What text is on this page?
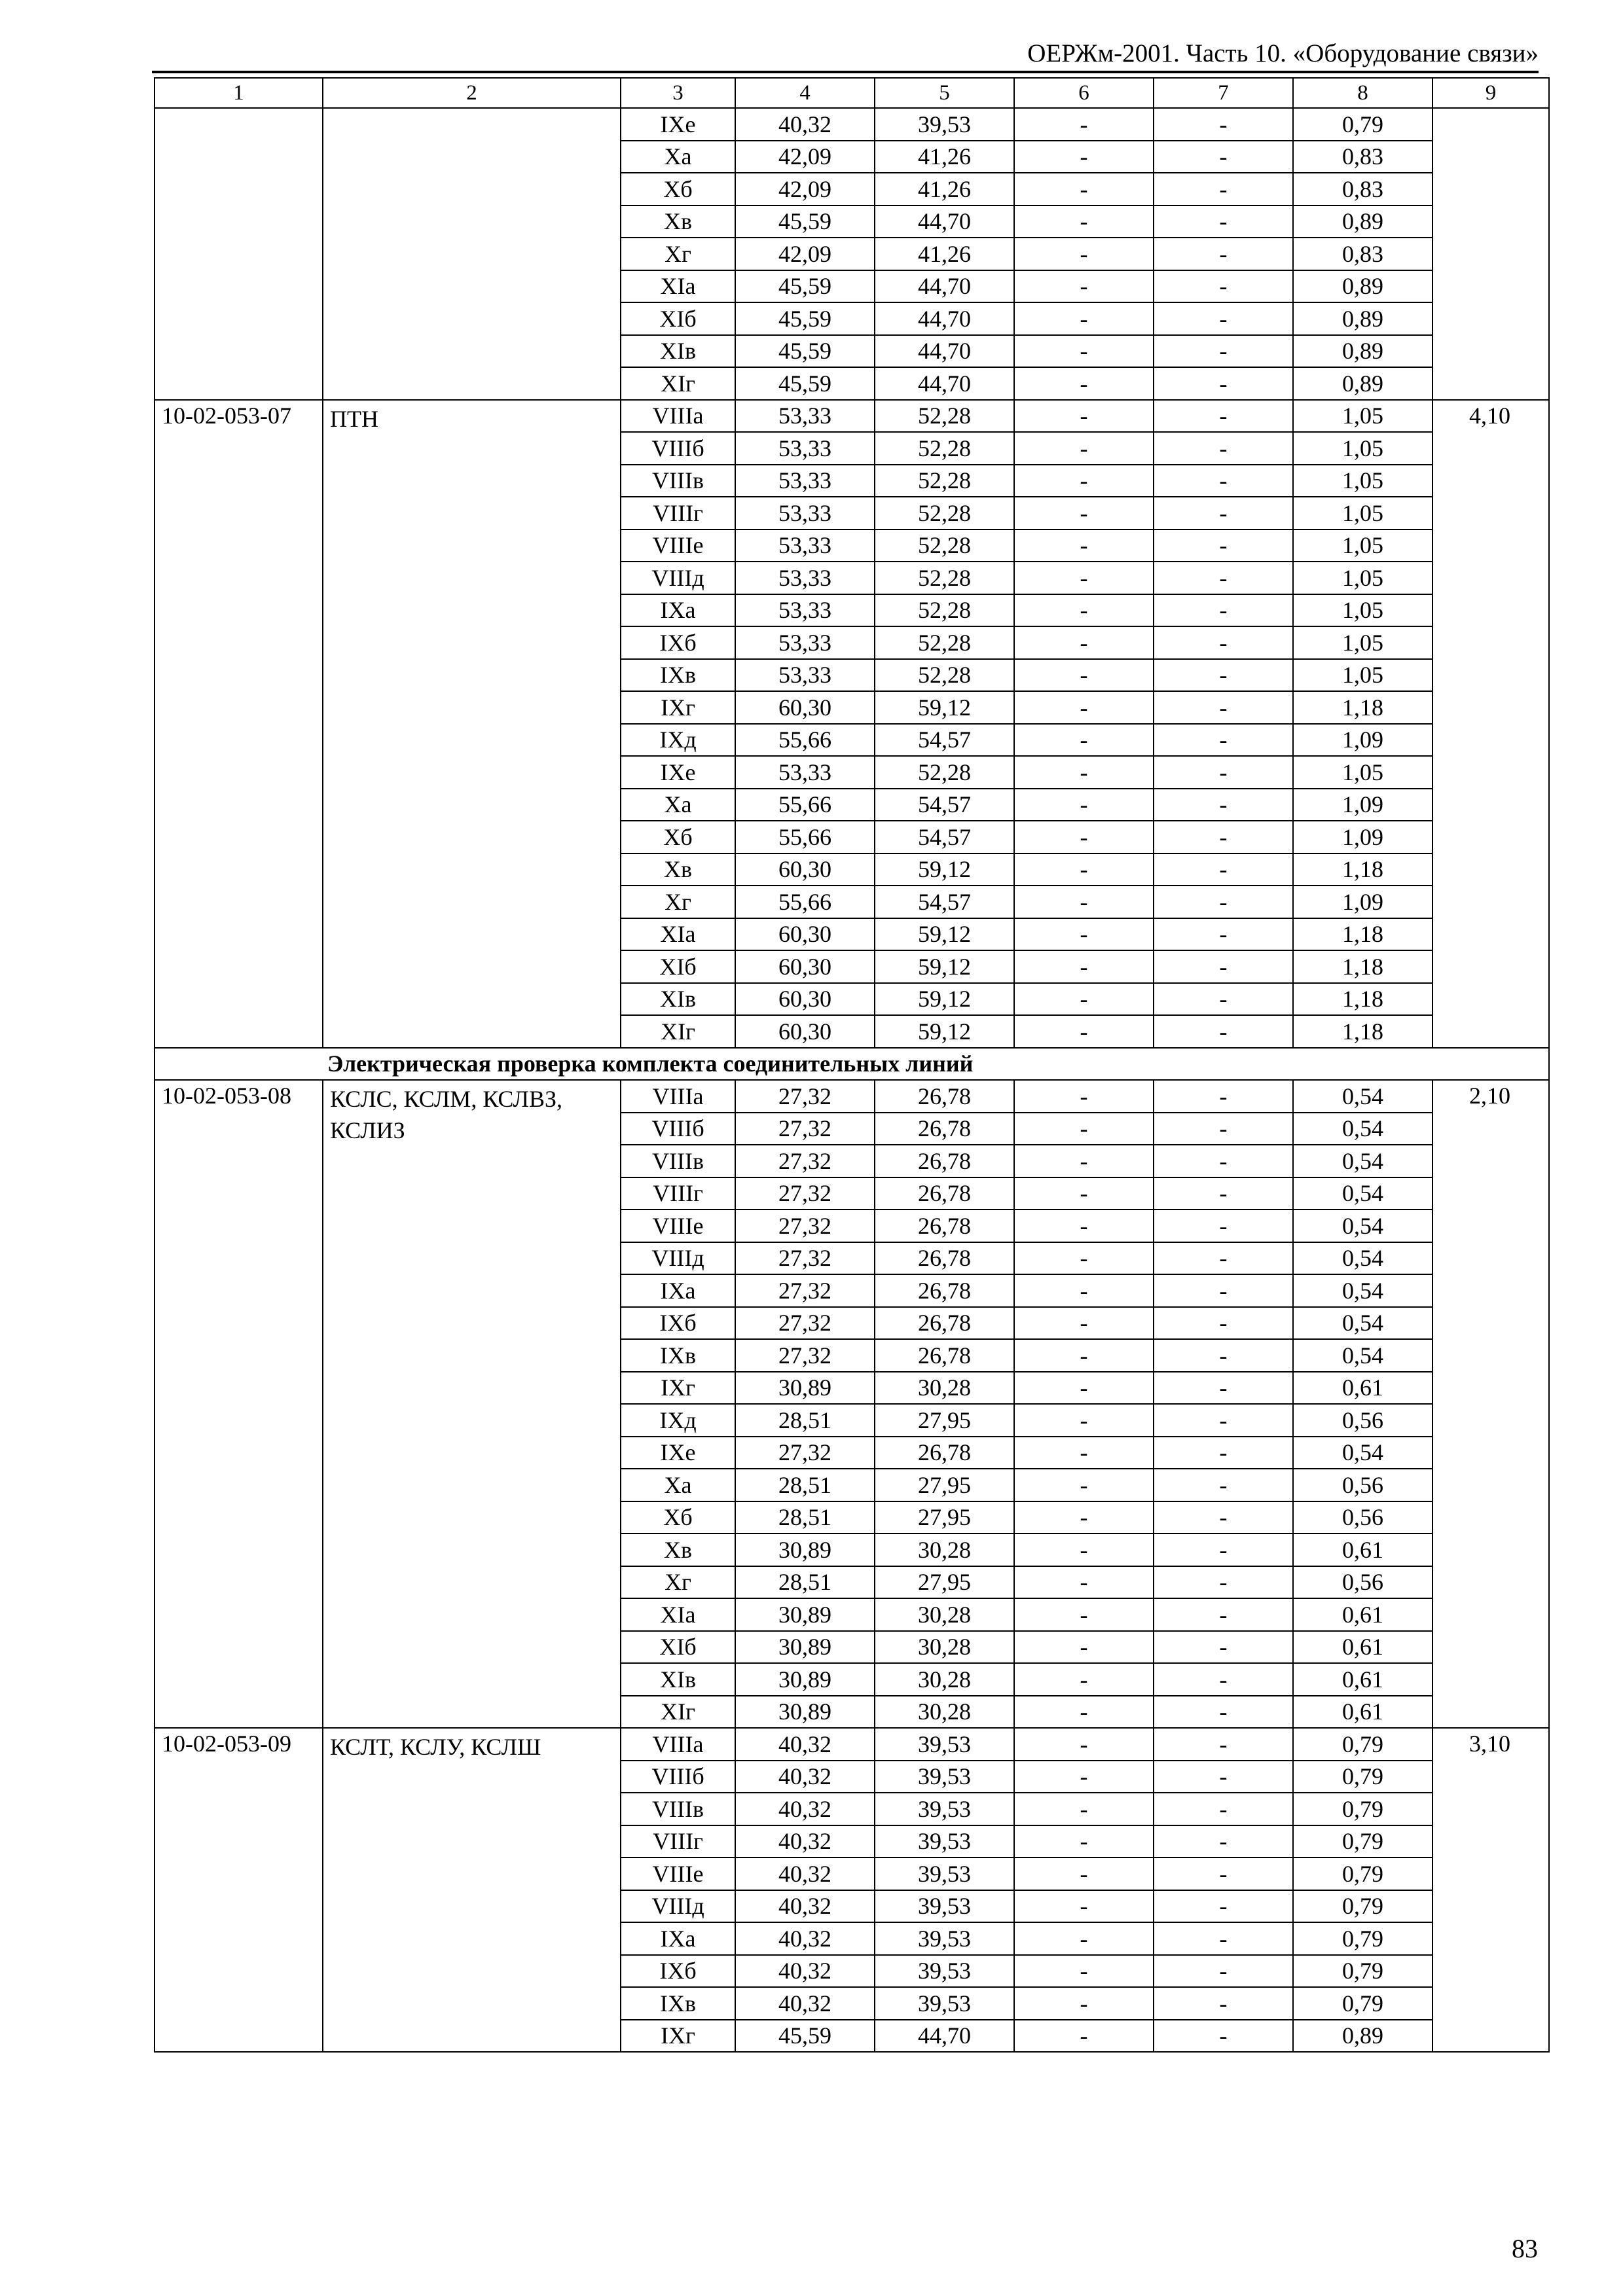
ОЕРЖм-2001. Часть 10. «Оборудование связи»
1	2	3	4	5	6	7	8	9
		IXe	40,32	39,53	-	-	0,79	
		Xa	42,09	41,26	-	-	0,83	
		Xб	42,09	41,26	-	-	0,83	
		Xв	45,59	44,70	-	-	0,89	
		Xг	42,09	41,26	-	-	0,83	
		XIa	45,59	44,70	-	-	0,89	
		XIб	45,59	44,70	-	-	0,89	
		XIв	45,59	44,70	-	-	0,89	
		XIг	45,59	44,70	-	-	0,89	
10-02-053-07	ПТН	VIIIa	53,33	52,28	-	-	1,05	4,10
		VIIIб	53,33	52,28	-	-	1,05	
		VIIIв	53,33	52,28	-	-	1,05	
		VIIIг	53,33	52,28	-	-	1,05	
		VIIIe	53,33	52,28	-	-	1,05	
		VIIIд	53,33	52,28	-	-	1,05	
		IXa	53,33	52,28	-	-	1,05	
		IXб	53,33	52,28	-	-	1,05	
		IXв	53,33	52,28	-	-	1,05	
		IXг	60,30	59,12	-	-	1,18	
		IXд	55,66	54,57	-	-	1,09	
		IXe	53,33	52,28	-	-	1,05	
		Xa	55,66	54,57	-	-	1,09	
		Xб	55,66	54,57	-	-	1,09	
		Xв	60,30	59,12	-	-	1,18	
		Xг	55,66	54,57	-	-	1,09	
		XIa	60,30	59,12	-	-	1,18	
		XIб	60,30	59,12	-	-	1,18	
		XIв	60,30	59,12	-	-	1,18	
		XIг	60,30	59,12	-	-	1,18	
Электрическая проверка комплекта соединительных линий								
10-02-053-08	КСЛС, КСЛМ, КСЛВЗ, КСЛИЗ	VIIIa	27,32	26,78	-	-	0,54	2,10
		VIIIб	27,32	26,78	-	-	0,54	
		VIIIв	27,32	26,78	-	-	0,54	
		VIIIг	27,32	26,78	-	-	0,54	
		VIIIe	27,32	26,78	-	-	0,54	
		VIIIд	27,32	26,78	-	-	0,54	
		IXa	27,32	26,78	-	-	0,54	
		IXб	27,32	26,78	-	-	0,54	
		IXв	27,32	26,78	-	-	0,54	
		IXг	30,89	30,28	-	-	0,61	
		IXд	28,51	27,95	-	-	0,56	
		IXe	27,32	26,78	-	-	0,54	
		Xa	28,51	27,95	-	-	0,56	
		Xб	28,51	27,95	-	-	0,56	
		Xв	30,89	30,28	-	-	0,61	
		Xг	28,51	27,95	-	-	0,56	
		XIa	30,89	30,28	-	-	0,61	
		XIб	30,89	30,28	-	-	0,61	
		XIв	30,89	30,28	-	-	0,61	
		XIг	30,89	30,28	-	-	0,61	
10-02-053-09	КСЛТ, КСЛУ, КСЛШ	VIIIa	40,32	39,53	-	-	0,79	3,10
		VIIIб	40,32	39,53	-	-	0,79	
		VIIIв	40,32	39,53	-	-	0,79	
		VIIIг	40,32	39,53	-	-	0,79	
		VIIIe	40,32	39,53	-	-	0,79	
		VIIIд	40,32	39,53	-	-	0,79	
		IXa	40,32	39,53	-	-	0,79	
		IXб	40,32	39,53	-	-	0,79	
		IXв	40,32	39,53	-	-	0,79	
		IXг	45,59	44,70	-	-	0,89	
83
